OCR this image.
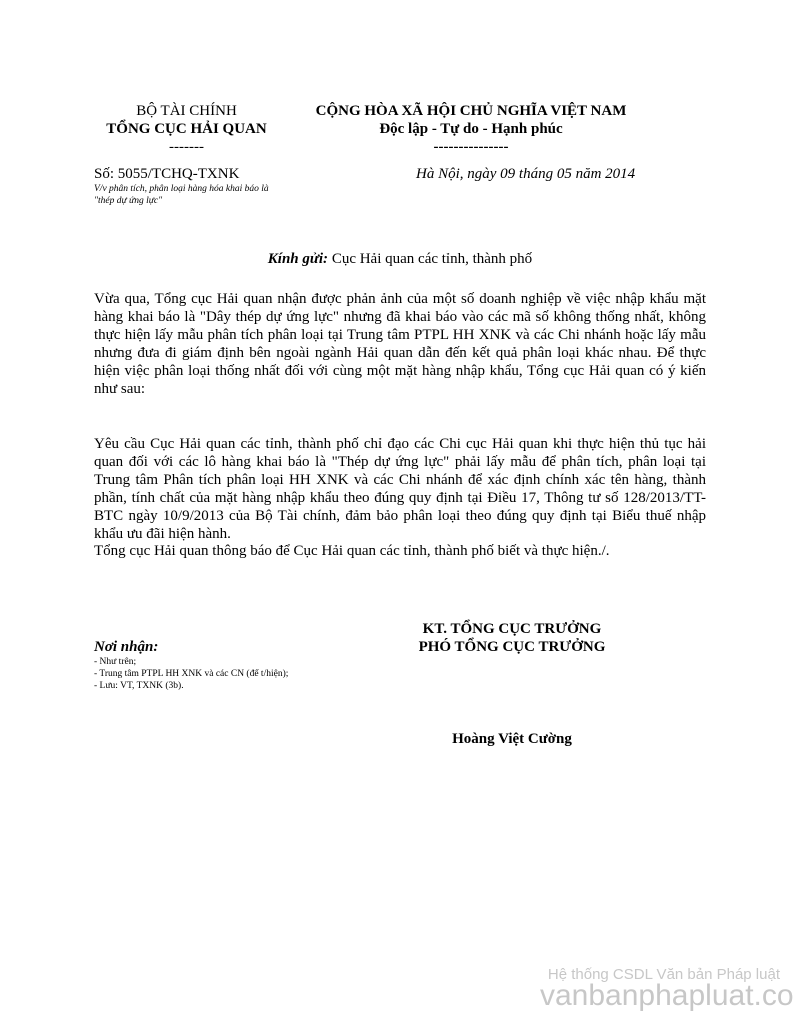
BỘ TÀI CHÍNH
TỔNG CỤC HẢI QUAN
-------
CỘNG HÒA XÃ HỘI CHỦ NGHĨA VIỆT NAM
Độc lập - Tự do - Hạnh phúc
---------------
Số: 5055/TCHQ-TXNK
V/v phân tích, phân loại hàng hóa khai báo là "thép dự ứng lực"
Hà Nội, ngày 09 tháng 05 năm 2014
Kính gửi: Cục Hải quan các tỉnh, thành phố
Vừa qua, Tổng cục Hải quan nhận được phản ảnh của một số doanh nghiệp về việc nhập khẩu mặt hàng khai báo là "Dây thép dự ứng lực" nhưng đã khai báo vào các mã số không thống nhất, không thực hiện lấy mẫu phân tích phân loại tại Trung tâm PTPL HH XNK và các Chi nhánh hoặc lấy mẫu nhưng đưa đi giám định bên ngoài ngành Hải quan dẫn đến kết quả phân loại khác nhau. Để thực hiện việc phân loại thống nhất đối với cùng một mặt hàng nhập khẩu, Tổng cục Hải quan có ý kiến như sau:
Yêu cầu Cục Hải quan các tỉnh, thành phố chỉ đạo các Chi cục Hải quan khi thực hiện thủ tục hải quan đối với các lô hàng khai báo là "Thép dự ứng lực" phải lấy mẫu để phân tích, phân loại tại Trung tâm Phân tích phân loại HH XNK và các Chi nhánh để xác định chính xác tên hàng, thành phần, tính chất của mặt hàng nhập khẩu theo đúng quy định tại Điều 17, Thông tư số 128/2013/TT-BTC ngày 10/9/2013 của Bộ Tài chính, đảm bảo phân loại theo đúng quy định tại Biểu thuế nhập khẩu ưu đãi hiện hành.
Tổng cục Hải quan thông báo để Cục Hải quan các tỉnh, thành phố biết và thực hiện./.
KT. TỔNG CỤC TRƯỞNG
PHÓ TỔNG CỤC TRƯỞNG
Nơi nhận:
- Như trên;
- Trung tâm PTPL HH XNK và các CN (để t/hiện);
- Lưu: VT, TXNK (3b).
Hoàng Việt Cường
Hệ thống CSDL Văn bản Pháp luật
vanbanphapluat.co
